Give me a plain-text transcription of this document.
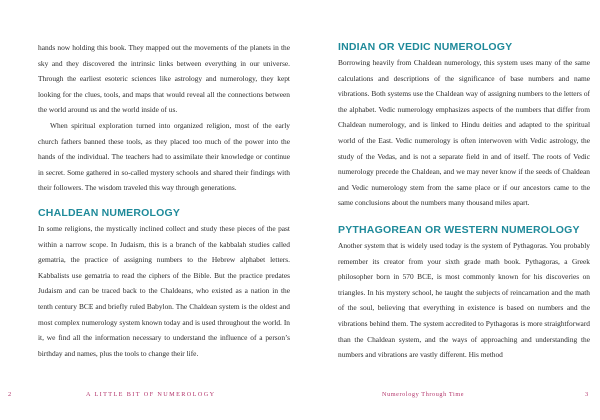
hands now holding this book. They mapped out the movements of the planets in the sky and they discovered the intrinsic links between everything in our universe. Through the earliest esoteric sciences like astrology and numerology, they kept looking for the clues, tools, and maps that would reveal all the connections between the world around us and the world inside of us.

When spiritual exploration turned into organized religion, most of the early church fathers banned these tools, as they placed too much of the power into the hands of the individual. The teachers had to assimilate their knowledge or continue in secret. Some gathered in so-called mystery schools and shared their findings with their followers. The wisdom traveled this way through generations.

CHALDEAN NUMEROLOGY

In some religions, the mystically inclined collect and study these pieces of the past within a narrow scope. In Judaism, this is a branch of the kabbalah studies called gematria, the practice of assigning numbers to the Hebrew alphabet letters. Kabbalists use gematria to read the ciphers of the Bible. But the practice predates Judaism and can be traced back to the Chaldeans, who existed as a nation in the tenth century BCE and briefly ruled Babylon. The Chaldean system is the oldest and most complex numerology system known today and is used throughout the world. In it, we find all the information necessary to understand the influence of a person’s birthday and names, plus the tools to change their life.

2	A LITTLE BIT OF NUMEROLOGY
INDIAN OR VEDIC NUMEROLOGY

Borrowing heavily from Chaldean numerology, this system uses many of the same calculations and descriptions of the significance of base numbers and name vibrations. Both systems use the Chaldean way of assigning numbers to the letters of the alphabet. Vedic numerology emphasizes aspects of the numbers that differ from Chaldean numerology, and is linked to Hindu deities and adapted to the spiritual world of the East. Vedic numerology is often interwoven with Vedic astrology, the study of the Vedas, and is not a separate field in and of itself. The roots of Vedic numerology precede the Chaldean, and we may never know if the seeds of Chaldean and Vedic numerology stem from the same place or if our ancestors came to the same conclusions about the numbers many thousand miles apart.

PYTHAGOREAN OR WESTERN NUMEROLOGY

Another system that is widely used today is the system of Pythagoras. You probably remember its creator from your sixth grade math book. Pythagoras, a Greek philosopher born in 570 BCE, is most commonly known for his discoveries on triangles. In his mystery school, he taught the subjects of reincarnation and the math of the soul, believing that everything in existence is based on numbers and the vibrations behind them. The system accredited to Pythagoras is more straightforward than the Chaldean system, and the ways of approaching and understanding the numbers and vibrations are vastly different. His method

Numerology Through Time	3
